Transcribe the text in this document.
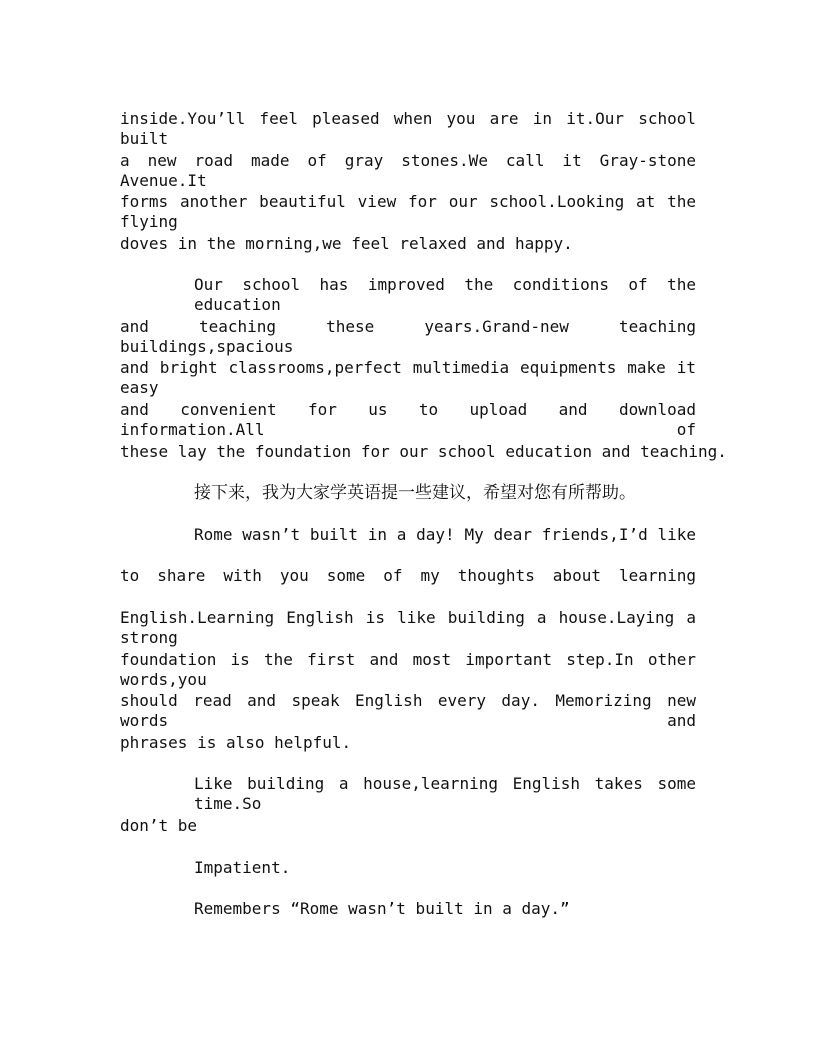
inside.You’ll feel pleased when you are in it.Our school built
a new road made of gray stones.We call it Gray-stone Avenue.It
forms another beautiful view for our school.Looking at the flying
doves in the morning,we feel relaxed and happy.
Our school has improved the conditions of the education
and teaching these years.Grand-new teaching buildings,spacious
and bright classrooms,perfect multimedia equipments make it easy
and convenient for us to upload and download information.All of
these lay the foundation for our school education and teaching.
接下来，我为大家学英语提一些建议，希望对您有所帮助。
Rome wasn’t built in a day! My dear friends,I’d like
to share with you some of my thoughts about learning
English.Learning English is like building a house.Laying a strong
foundation is the first and most important step.In other words,you
should read and speak English every day. Memorizing new words and
phrases is also helpful.
Like building a house,learning English takes some time.So
don’t be
Impatient.
Remembers “Rome wasn’t built in a day.”
